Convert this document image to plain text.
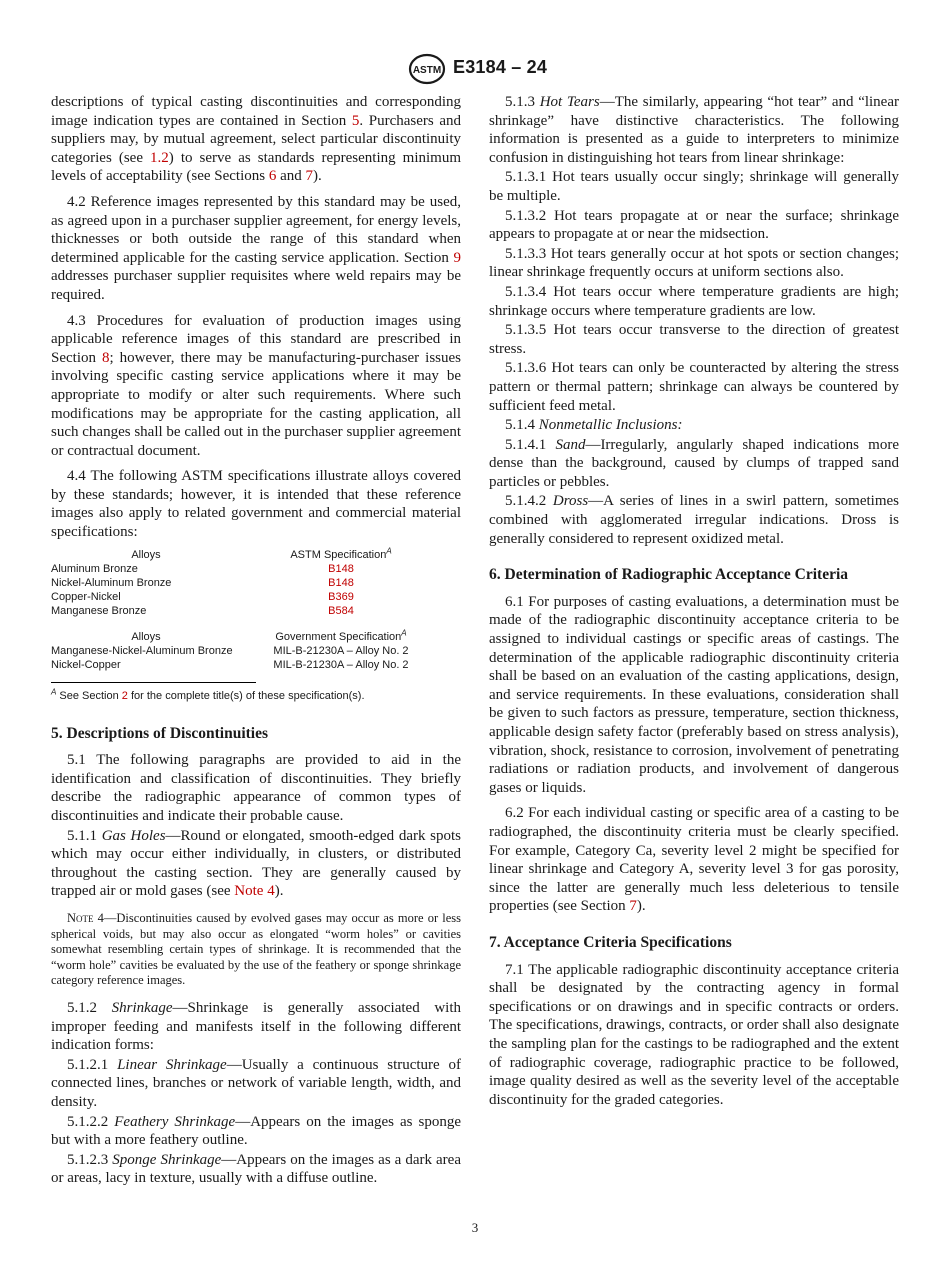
ASTM E3184 – 24

descriptions of typical casting discontinuities and corresponding image indication types are contained in Section 5. Purchasers and suppliers may, by mutual agreement, select particular discontinuity categories (see 1.2) to serve as standards representing minimum levels of acceptability (see Sections 6 and 7).

4.2 Reference images represented by this standard may be used, as agreed upon in a purchaser supplier agreement, for energy levels, thicknesses or both outside the range of this standard when determined applicable for the casting service application. Section 9 addresses purchaser supplier requisites where weld repairs may be required.

4.3 Procedures for evaluation of production images using applicable reference images of this standard are prescribed in Section 8; however, there may be manufacturing-purchaser issues involving specific casting service applications where it may be appropriate to modify or alter such requirements. Where such modifications may be appropriate for the casting application, all such changes shall be called out in the purchaser supplier agreement or contractual document.

4.4 The following ASTM specifications illustrate alloys covered by these standards; however, it is intended that these reference images also apply to related government and commercial material specifications:

Alloys	ASTM Specification$^A$
Aluminum Bronze	B148
Nickel-Aluminum Bronze	B148
Copper-Nickel	B369
Manganese Bronze	B584
Alloys	Government Specification$^A$
Manganese-Nickel-Aluminum Bronze	MIL-B-21230A – Alloy No. 2
Nickel-Copper	MIL-B-21230A – Alloy No. 2

$^A$ See Section 2 for the complete title(s) of these specification(s).

5. Descriptions of Discontinuities

5.1 The following paragraphs are provided to aid in the identification and classification of discontinuities. They briefly describe the radiographic appearance of common types of discontinuities and indicate their probable cause.

5.1.1 Gas Holes—Round or elongated, smooth-edged dark spots which may occur either individually, in clusters, or distributed throughout the casting section. They are generally caused by trapped air or mold gases (see Note 4).

Note 4—Discontinuities caused by evolved gases may occur as more or less spherical voids, but may also occur as elongated “worm holes” or cavities somewhat resembling certain types of shrinkage. It is recommended that the “worm hole” cavities be evaluated by the use of the feathery or sponge shrinkage category reference images.

5.1.2 Shrinkage—Shrinkage is generally associated with improper feeding and manifests itself in the following different indication forms:

5.1.2.1 Linear Shrinkage—Usually a continuous structure of connected lines, branches or network of variable length, width, and density.

5.1.2.2 Feathery Shrinkage—Appears on the images as sponge but with a more feathery outline.

5.1.2.3 Sponge Shrinkage—Appears on the images as a dark area or areas, lacy in texture, usually with a diffuse outline.

5.1.3 Hot Tears—The similarly, appearing “hot tear” and “linear shrinkage” have distinctive characteristics. The following information is presented as a guide to interpreters to minimize confusion in distinguishing hot tears from linear shrinkage:

5.1.3.1 Hot tears usually occur singly; shrinkage will generally be multiple.

5.1.3.2 Hot tears propagate at or near the surface; shrinkage appears to propagate at or near the midsection.

5.1.3.3 Hot tears generally occur at hot spots or section changes; linear shrinkage frequently occurs at uniform sections also.

5.1.3.4 Hot tears occur where temperature gradients are high; shrinkage occurs where temperature gradients are low.

5.1.3.5 Hot tears occur transverse to the direction of greatest stress.

5.1.3.6 Hot tears can only be counteracted by altering the stress pattern or thermal pattern; shrinkage can always be countered by sufficient feed metal.

5.1.4 Nonmetallic Inclusions:

5.1.4.1 Sand—Irregularly, angularly shaped indications more dense than the background, caused by clumps of trapped sand particles or pebbles.

5.1.4.2 Dross—A series of lines in a swirl pattern, sometimes combined with agglomerated irregular indications. Dross is generally considered to represent oxidized metal.

6. Determination of Radiographic Acceptance Criteria

6.1 For purposes of casting evaluations, a determination must be made of the radiographic discontinuity acceptance criteria to be assigned to individual castings or specific areas of castings. The determination of the applicable radiographic discontinuity criteria shall be based on an evaluation of the casting applications, design, and service requirements. In these evaluations, consideration shall be given to such factors as pressure, temperature, section thickness, applicable design safety factor (preferably based on stress analysis), vibration, shock, resistance to corrosion, involvement of penetrating radiations or radiation products, and involvement of dangerous gases or liquids.

6.2 For each individual casting or specific area of a casting to be radiographed, the discontinuity criteria must be clearly specified. For example, Category Ca, severity level 2 might be specified for linear shrinkage and Category A, severity level 3 for gas porosity, since the latter are generally much less deleterious to tensile properties (see Section 7).

7. Acceptance Criteria Specifications

7.1 The applicable radiographic discontinuity acceptance criteria shall be designated by the contracting agency in formal specifications or on drawings and in specific contracts or orders. The specifications, drawings, contracts, or order shall also designate the sampling plan for the castings to be radiographed and the extent of radiographic coverage, radiographic practice to be followed, image quality desired as well as the severity level of the acceptable discontinuity for the graded categories.

3
